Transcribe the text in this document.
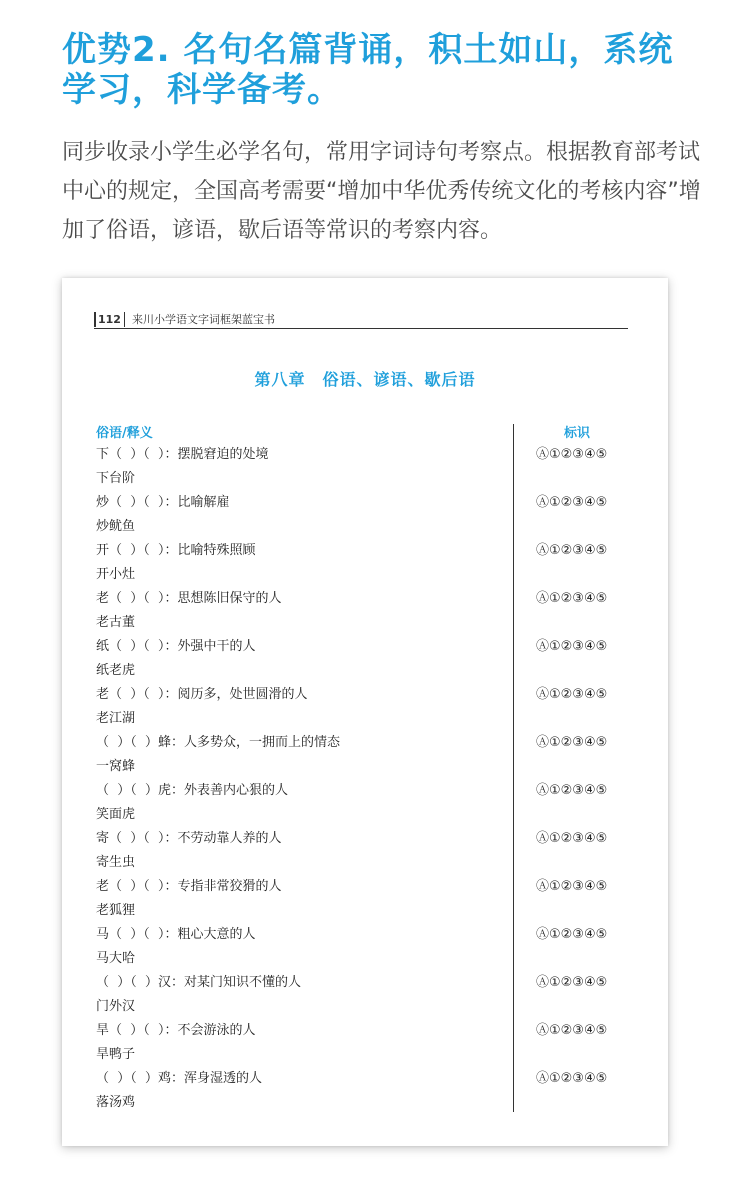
优势2. 名句名篇背诵，积土如山，系统学习，科学备考。

同步收录小学生必学名句，常用字词诗句考察点。根据教育部考试中心的规定，全国高考需要“增加中华优秀传统文化的考核内容”增加了俗语，谚语，歇后语等常识的考察内容。

112	来川小学语文字词框架蓝宝书
第八章　俗语、谚语、歇后语
俗语/释义	标识
下（  ）（  ）：摆脱窘迫的处境
下台阶
Ⓐ①②③④⑤
炒（  ）（  ）：比喻解雇
炒鱿鱼
Ⓐ①②③④⑤
开（  ）（  ）：比喻特殊照顾
开小灶
Ⓐ①②③④⑤
老（  ）（  ）：思想陈旧保守的人
老古董
Ⓐ①②③④⑤
纸（  ）（  ）：外强中干的人
纸老虎
Ⓐ①②③④⑤
老（  ）（  ）：阅历多，处世圆滑的人
老江湖
Ⓐ①②③④⑤
（  ）（  ）蜂：人多势众，一拥而上的情态
一窝蜂
Ⓐ①②③④⑤
（  ）（  ）虎：外表善内心狠的人
笑面虎
Ⓐ①②③④⑤
寄（  ）（  ）：不劳动靠人养的人
寄生虫
Ⓐ①②③④⑤
老（  ）（  ）：专指非常狡猾的人
老狐狸
Ⓐ①②③④⑤
马（  ）（  ）：粗心大意的人
马大哈
Ⓐ①②③④⑤
（  ）（  ）汉：对某门知识不懂的人
门外汉
Ⓐ①②③④⑤
旱（  ）（  ）：不会游泳的人
旱鸭子
Ⓐ①②③④⑤
（  ）（  ）鸡：浑身湿透的人
落汤鸡
Ⓐ①②③④⑤
